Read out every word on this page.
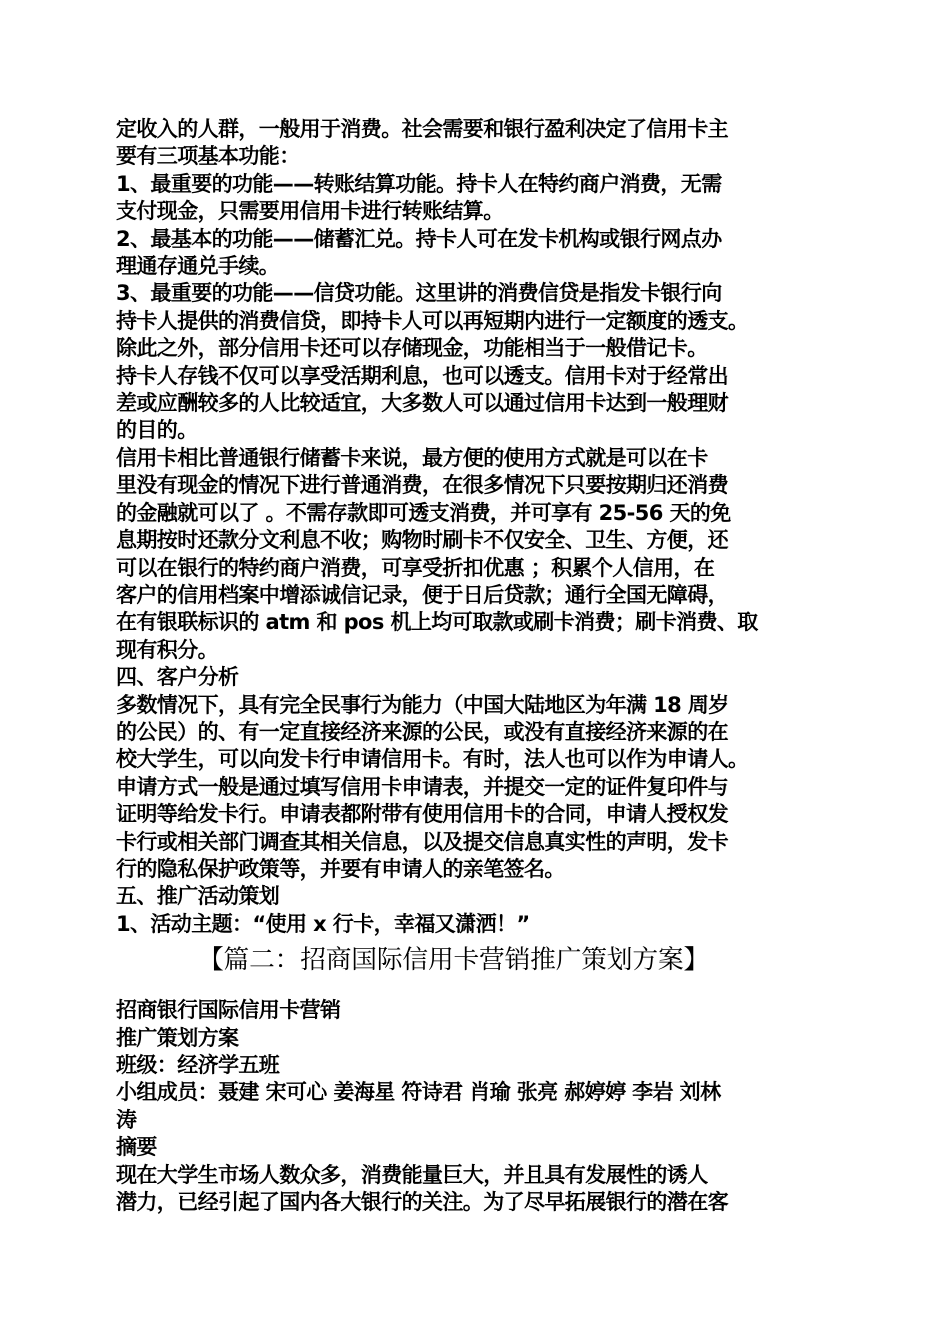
定收入的人群，一般用于消费。社会需要和银行盈利决定了信用卡主
要有三项基本功能：
1、最重要的功能——转账结算功能。持卡人在特约商户消费，无需
支付现金，只需要用信用卡进行转账结算。
2、最基本的功能——储蓄汇兑。持卡人可在发卡机构或银行网点办
理通存通兑手续。
3、最重要的功能——信贷功能。这里讲的消费信贷是指发卡银行向
持卡人提供的消费信贷，即持卡人可以再短期内进行一定额度的透支。
除此之外，部分信用卡还可以存储现金，功能相当于一般借记卡。
持卡人存钱不仅可以享受活期利息，也可以透支。信用卡对于经常出
差或应酬较多的人比较适宜，大多数人可以通过信用卡达到一般理财
的目的。
信用卡相比普通银行储蓄卡来说，最方便的使用方式就是可以在卡
里没有现金的情况下进行普通消费，在很多情况下只要按期归还消费
的金融就可以了 。不需存款即可透支消费，并可享有 25-56 天的免
息期按时还款分文利息不收；购物时刷卡不仅安全、卫生、方便，还
可以在银行的特约商户消费，可享受折扣优惠 ；积累个人信用，在
客户的信用档案中增添诚信记录，便于日后贷款；通行全国无障碍，
在有银联标识的 atm 和 pos 机上均可取款或刷卡消费；刷卡消费、取
现有积分。
四、客户分析
多数情况下，具有完全民事行为能力（中国大陆地区为年满 18 周岁
的公民）的、有一定直接经济来源的公民，或没有直接经济来源的在
校大学生，可以向发卡行申请信用卡。有时，法人也可以作为申请人。
申请方式一般是通过填写信用卡申请表，并提交一定的证件复印件与
证明等给发卡行。申请表都附带有使用信用卡的合同，申请人授权发
卡行或相关部门调查其相关信息，以及提交信息真实性的声明，发卡
行的隐私保护政策等，并要有申请人的亲笔签名。
五、推广活动策划
1、活动主题：“使用 x 行卡，幸福又潇洒！”
【篇二：招商国际信用卡营销推广策划方案】
招商银行国际信用卡营销
推广策划方案
班级：经济学五班
小组成员：聂建 宋可心 姜海星 符诗君 肖瑜 张亮 郝婷婷 李岩 刘林
涛
摘要
现在大学生市场人数众多，消费能量巨大，并且具有发展性的诱人
潜力，已经引起了国内各大银行的关注。为了尽早拓展银行的潜在客
